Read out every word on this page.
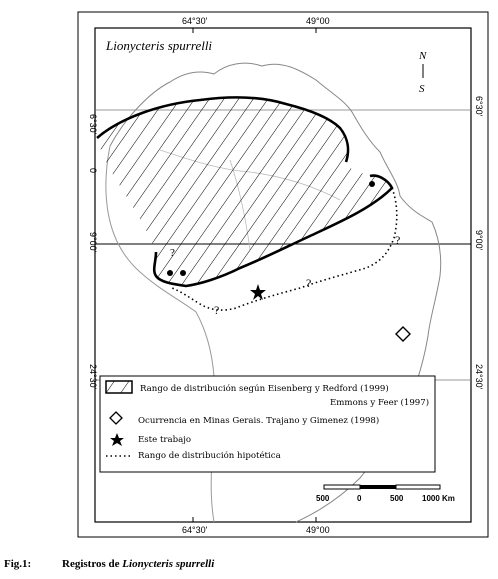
?
?
?
?
Lionycteris spurrelli
N
S
64°30'	49°00
64°30'	49°00
6°30'
0
9°00'
24°30'
6°30'
9°00'
24°30'
Rango de distribución según Eisenberg y Redford (1999)
Emmons y Feer (1997)
Ocurrencia en Minas Gerais. Trajano y Gimenez (1998)
Este trabajo
Rango de distribución hipotética
500	0	500 1000 Km
Fig.1:	Registros de Lionycteris spurrelli
